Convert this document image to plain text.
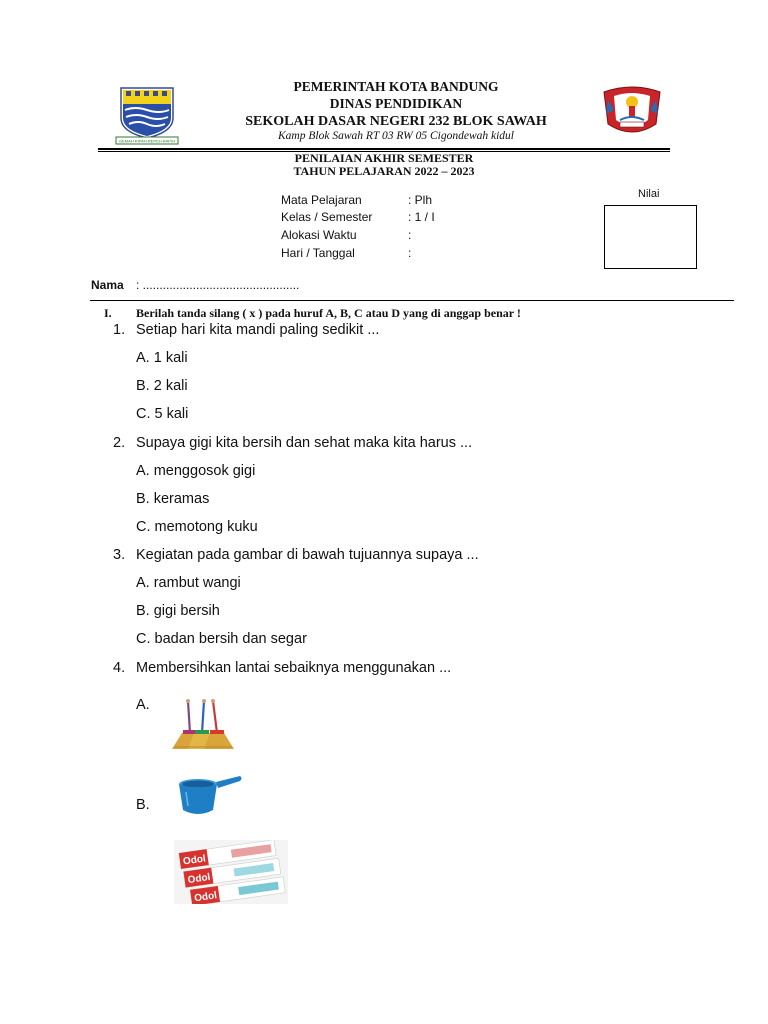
GEMAH RIPAH REPEH RAPIH
PEMERINTAH KOTA BANDUNG
DINAS PENDIDIKAN
SEKOLAH DASAR NEGERI 232 BLOK SAWAH
Kamp Blok Sawah RT 03 RW 05 Cigondewah kidul
PENILAIAN AKHIR SEMESTER
TAHUN PELAJARAN 2022 – 2023
Mata Pelajaran	: Plh
Kelas / Semester	: 1 / I
Alokasi Waktu	:
Hari / Tanggal	:
Nilai
Nama : ...............................................
I. Berilah tanda silang ( x ) pada huruf A, B, C atau D yang di anggap benar !
1. Setiap hari kita mandi paling sedikit ...
A. 1 kali
B. 2 kali
C. 5 kali
2. Supaya gigi kita bersih dan sehat maka kita harus ...
A. menggosok gigi
B. keramas
C. memotong kuku
3. Kegiatan pada gambar di bawah tujuannya supaya ...
A. rambut wangi
B. gigi bersih
C. badan bersih dan segar
4. Membersihkan lantai sebaiknya menggunakan ...
A.
B.
Odol
Odol
Odol
